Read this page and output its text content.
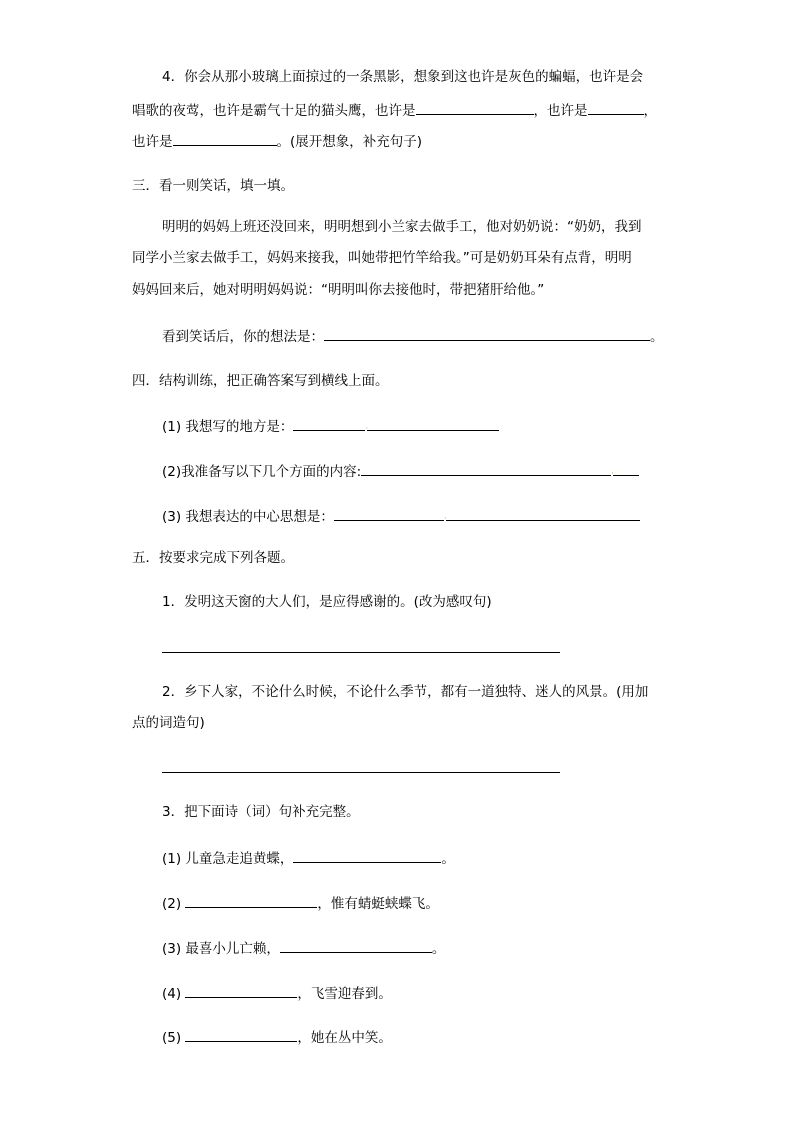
4．你会从那小玻璃上面掠过的一条黑影，想象到这也许是灰色的蝙蝠，也许是会
唱歌的夜莺，也许是霸气十足的猫头鹰，也许是	，也许是	，
也许是	。(展开想象，补充句子)
三．看一则笑话，填一填。
明明的妈妈上班还没回来，明明想到小兰家去做手工，他对奶奶说：“奶奶，我到
同学小兰家去做手工，妈妈来接我，叫她带把竹竿给我。”可是奶奶耳朵有点背，明明
妈妈回来后，她对明明妈妈说：“明明叫你去接他时，带把猪肝给他。”
看到笑话后，你的想法是：	。
四．结构训练，把正确答案写到横线上面。
(1) 我想写的地方是：	·
(2)我准备写以下几个方面的内容:	·
(3) 我想表达的中心思想是：	·
五．按要求完成下列各题。
1．发明这天窗的大人们，是应得感谢的。(改为感叹句)
2．乡下人家，不论什么时候，不论什么季节，都有一道独特、迷人的风景。(用加
点的词造句)
3．把下面诗（词）句补充完整。
(1) 儿童急走追黄蝶，	。
(2)	，惟有蜻蜓蛱蝶飞。
(3) 最喜小儿亡赖，	。
(4)	，飞雪迎春到。
(5)	，她在丛中笑。
